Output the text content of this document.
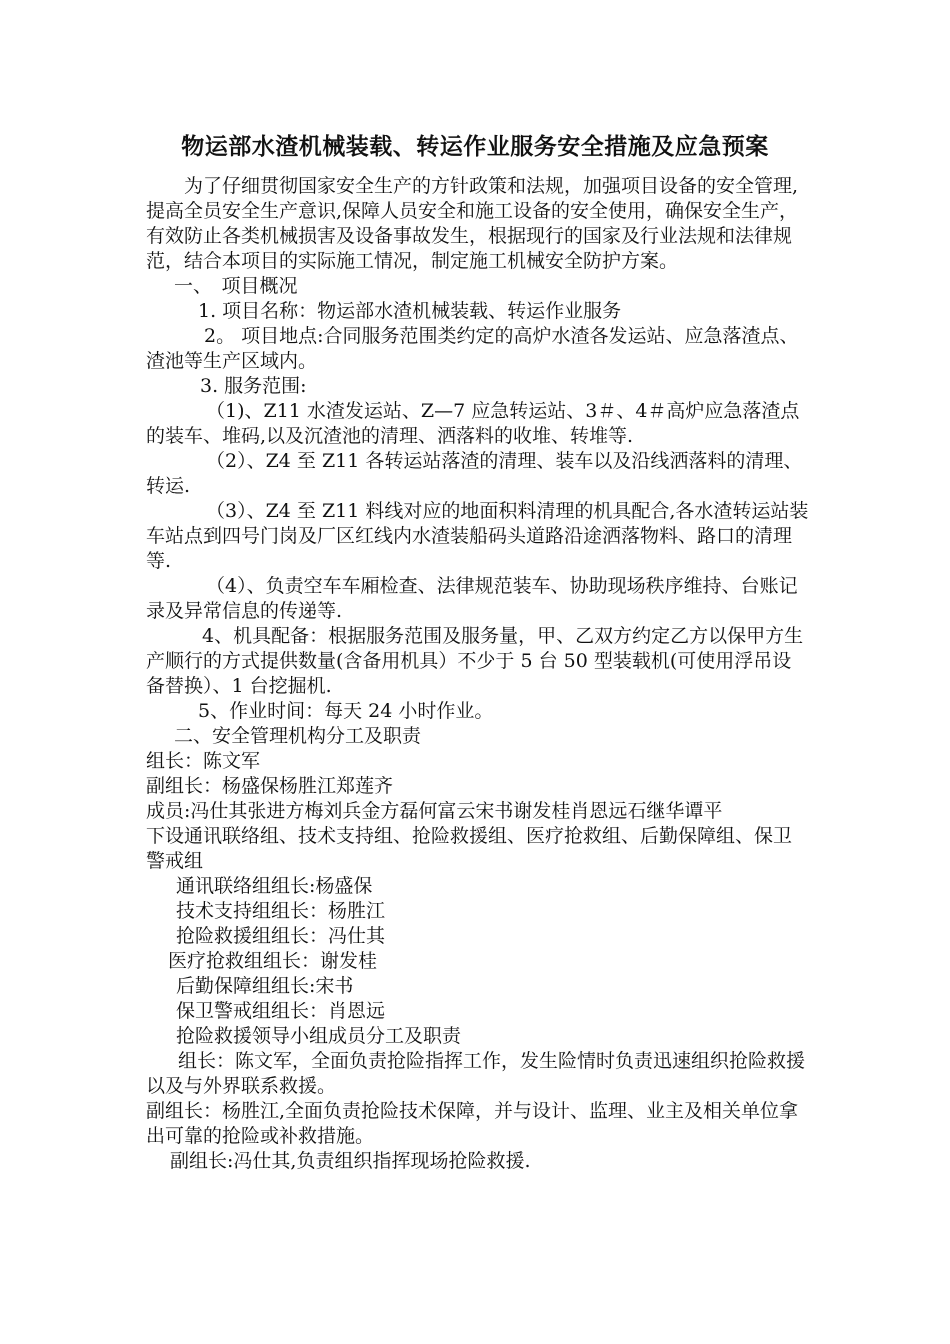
物运部水渣机械装载、转运作业服务安全措施及应急预案

为了仔细贯彻国家安全生产的方针政策和法规，加强项目设备的安全管理,提高全员安全生产意识,保障人员安全和施工设备的安全使用，确保安全生产，有效防止各类机械损害及设备事故发生，根据现行的国家及行业法规和法律规范，结合本项目的实际施工情况，制定施工机械安全防护方案。

一、　项目概况

1. 项目名称：物运部水渣机械装载、转运作业服务

2。 项目地点:合同服务范围类约定的高炉水渣各发运站、应急落渣点、渣池等生产区域内。

3. 服务范围:

（1)、Z11 水渣发运站、Z—7 应急转运站、3＃、4＃高炉应急落渣点的装车、堆码,以及沉渣池的清理、洒落料的收堆、转堆等.

（2）、Z4 至 Z11 各转运站落渣的清理、装车以及沿线洒落料的清理、转运.

（3）、Z4 至 Z11 料线对应的地面积料清理的机具配合,各水渣转运站装车站点到四号门岗及厂区红线内水渣装船码头道路沿途洒落物料、路口的清理等.

（4）、负责空车车厢检查、法律规范装车、协助现场秩序维持、台账记录及异常信息的传递等.

4、机具配备：根据服务范围及服务量，甲、乙双方约定乙方以保甲方生产顺行的方式提供数量(含备用机具）不少于 5 台 50 型装载机(可使用浮吊设备替换）、1 台挖掘机.

5、作业时间：每天 24 小时作业。

二、安全管理机构分工及职责

组长：陈文军

副组长：杨盛保杨胜江郑莲齐

成员:冯仕其张进方梅刘兵金方磊何富云宋书谢发桂肖恩远石继华谭平

下设通讯联络组、技术支持组、抢险救援组、医疗抢救组、后勤保障组、保卫警戒组

通讯联络组组长:杨盛保

技术支持组组长：杨胜江

抢险救援组组长：冯仕其

医疗抢救组组长：谢发桂

后勤保障组组长:宋书

保卫警戒组组长：肖恩远

抢险救援领导小组成员分工及职责

组长：陈文军，全面负责抢险指挥工作，发生险情时负责迅速组织抢险救援以及与外界联系救援。

副组长：杨胜江,全面负责抢险技术保障，并与设计、监理、业主及相关单位拿出可靠的抢险或补救措施。

副组长:冯仕其,负责组织指挥现场抢险救援.
